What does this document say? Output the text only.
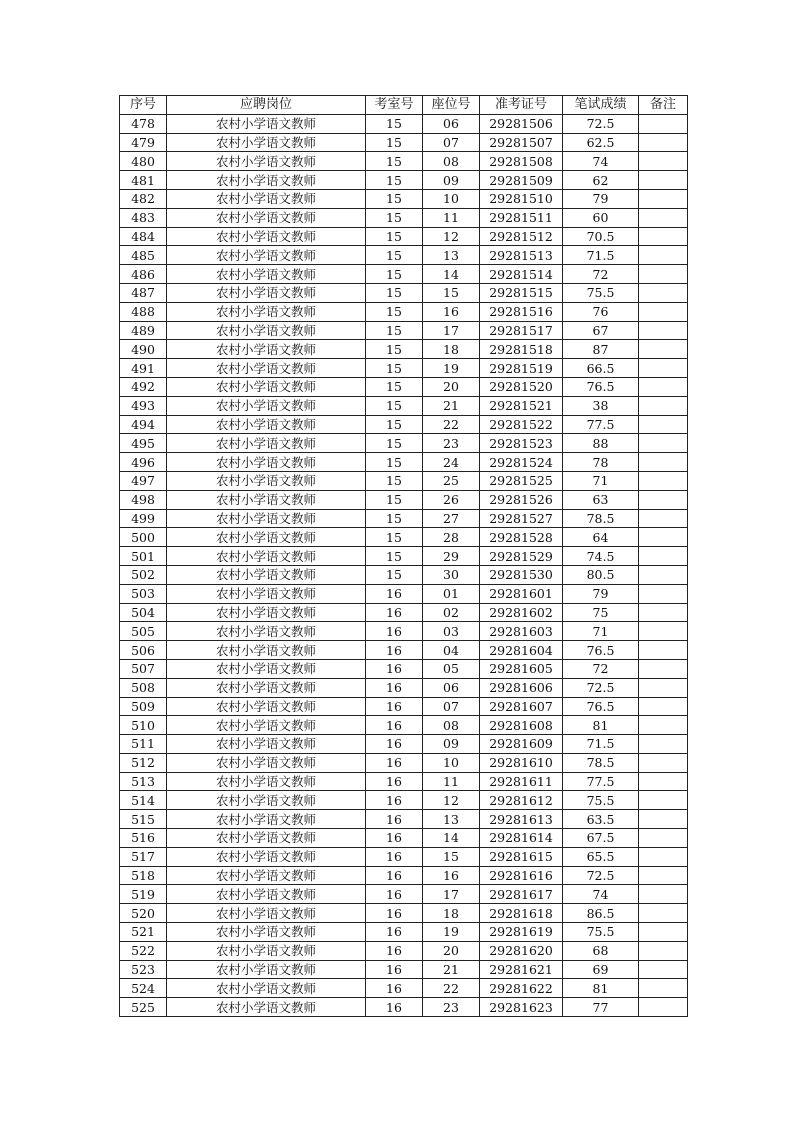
序号	应聘岗位	考室号	座位号	准考证号	笔试成绩	备注
478	农村小学语文教师	15	06	29281506	72.5	
479	农村小学语文教师	15	07	29281507	62.5	
480	农村小学语文教师	15	08	29281508	74	
481	农村小学语文教师	15	09	29281509	62	
482	农村小学语文教师	15	10	29281510	79	
483	农村小学语文教师	15	11	29281511	60	
484	农村小学语文教师	15	12	29281512	70.5	
485	农村小学语文教师	15	13	29281513	71.5	
486	农村小学语文教师	15	14	29281514	72	
487	农村小学语文教师	15	15	29281515	75.5	
488	农村小学语文教师	15	16	29281516	76	
489	农村小学语文教师	15	17	29281517	67	
490	农村小学语文教师	15	18	29281518	87	
491	农村小学语文教师	15	19	29281519	66.5	
492	农村小学语文教师	15	20	29281520	76.5	
493	农村小学语文教师	15	21	29281521	38	
494	农村小学语文教师	15	22	29281522	77.5	
495	农村小学语文教师	15	23	29281523	88	
496	农村小学语文教师	15	24	29281524	78	
497	农村小学语文教师	15	25	29281525	71	
498	农村小学语文教师	15	26	29281526	63	
499	农村小学语文教师	15	27	29281527	78.5	
500	农村小学语文教师	15	28	29281528	64	
501	农村小学语文教师	15	29	29281529	74.5	
502	农村小学语文教师	15	30	29281530	80.5	
503	农村小学语文教师	16	01	29281601	79	
504	农村小学语文教师	16	02	29281602	75	
505	农村小学语文教师	16	03	29281603	71	
506	农村小学语文教师	16	04	29281604	76.5	
507	农村小学语文教师	16	05	29281605	72	
508	农村小学语文教师	16	06	29281606	72.5	
509	农村小学语文教师	16	07	29281607	76.5	
510	农村小学语文教师	16	08	29281608	81	
511	农村小学语文教师	16	09	29281609	71.5	
512	农村小学语文教师	16	10	29281610	78.5	
513	农村小学语文教师	16	11	29281611	77.5	
514	农村小学语文教师	16	12	29281612	75.5	
515	农村小学语文教师	16	13	29281613	63.5	
516	农村小学语文教师	16	14	29281614	67.5	
517	农村小学语文教师	16	15	29281615	65.5	
518	农村小学语文教师	16	16	29281616	72.5	
519	农村小学语文教师	16	17	29281617	74	
520	农村小学语文教师	16	18	29281618	86.5	
521	农村小学语文教师	16	19	29281619	75.5	
522	农村小学语文教师	16	20	29281620	68	
523	农村小学语文教师	16	21	29281621	69	
524	农村小学语文教师	16	22	29281622	81	
525	农村小学语文教师	16	23	29281623	77	
